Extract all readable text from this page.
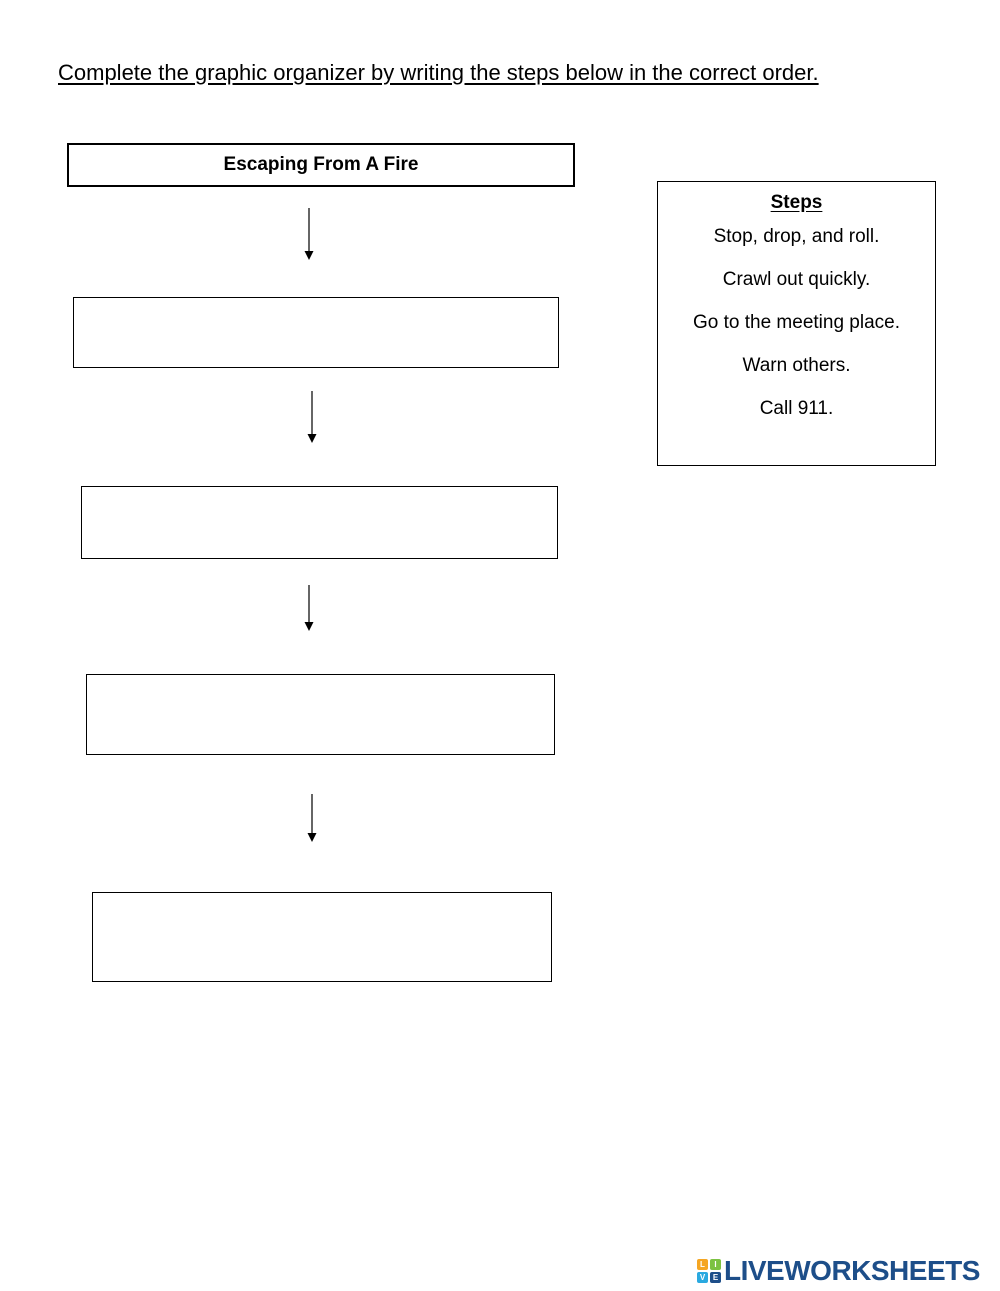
Complete the graphic organizer by writing the steps below in the correct order.
Escaping From A Fire
Steps
Stop, drop, and roll.
Crawl out quickly.
Go to the meeting place.
Warn others.
Call 911.
L	I
V E LIVEWORKSHEETS
